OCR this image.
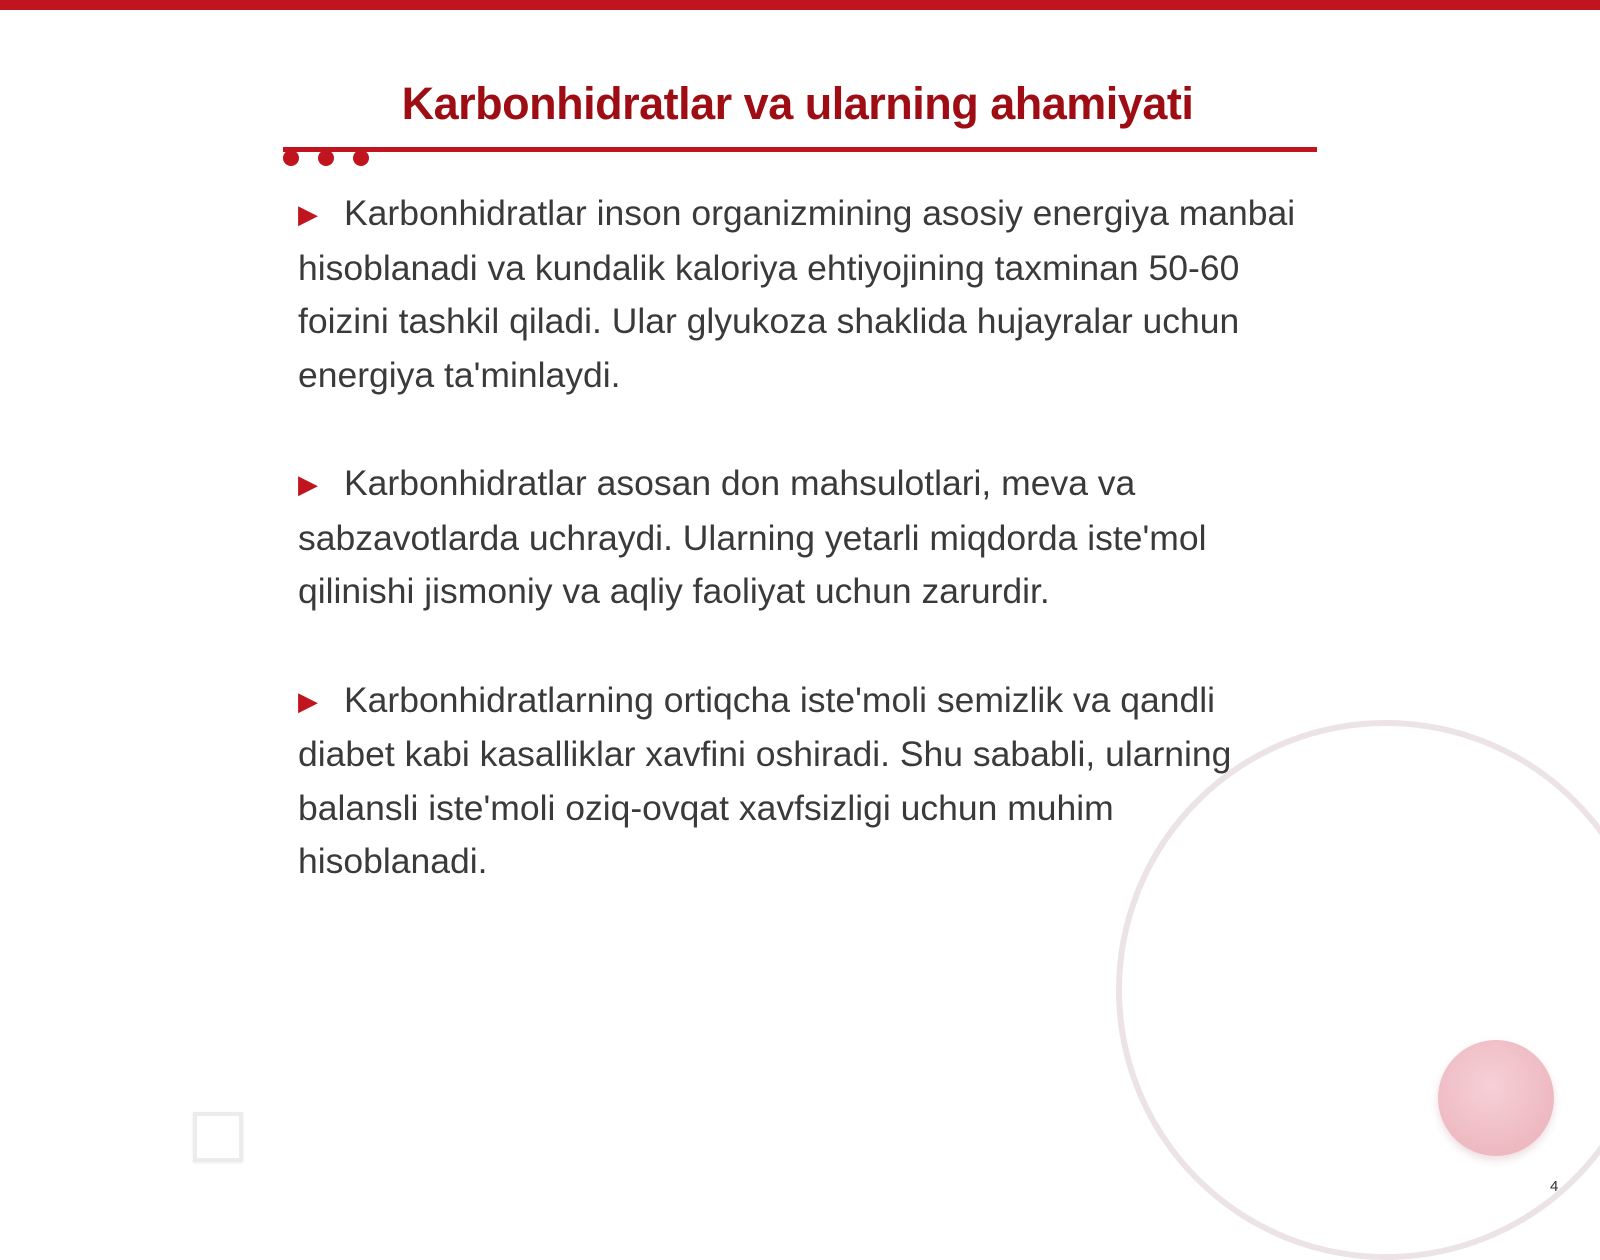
Karbonhidratlar va ularning ahamiyati
▶ Karbonhidratlar inson organizmining asosiy energiya manbai hisoblanadi va kundalik kaloriya ehtiyojining taxminan 50-60 foizini tashkil qiladi. Ular glyukoza shaklida hujayralar uchun energiya ta'minlaydi.
▶ Karbonhidratlar asosan don mahsulotlari, meva va sabzavotlarda uchraydi. Ularning yetarli miqdorda iste'mol qilinishi jismoniy va aqliy faoliyat uchun zarurdir.
▶ Karbonhidratlarning ortiqcha iste'moli semizlik va qandli diabet kabi kasalliklar xavfini oshiradi. Shu sababli, ularning balansli iste'moli oziq-ovqat xavfsizligi uchun muhim hisoblanadi.
4
